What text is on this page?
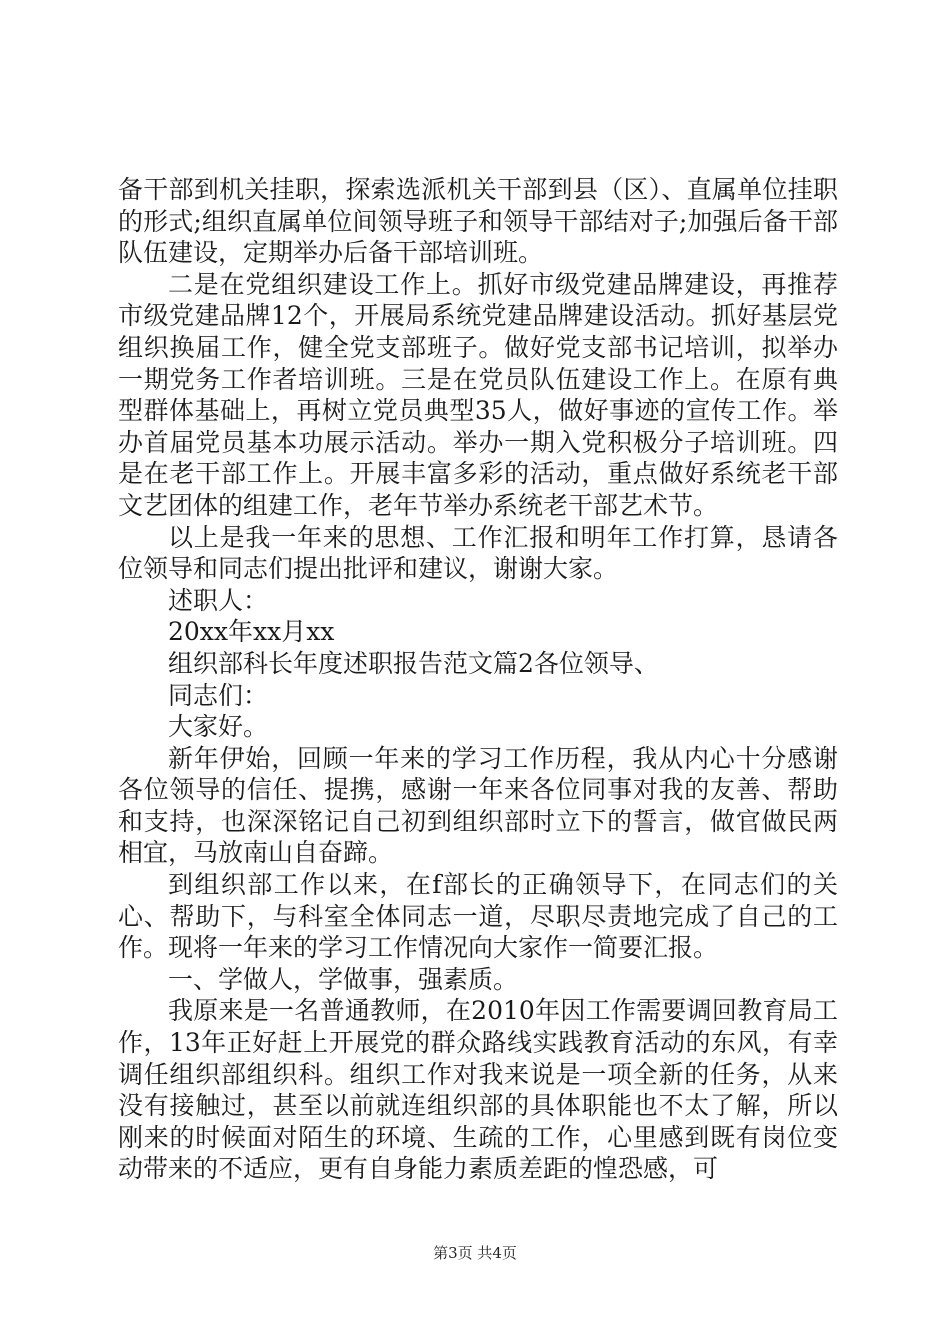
备干部到机关挂职，探索选派机关干部到县（区）、直属单位挂职的形式;组织直属单位间领导班子和领导干部结对子;加强后备干部队伍建设，定期举办后备干部培训班。

二是在党组织建设工作上。抓好市级党建品牌建设，再推荐市级党建品牌12个，开展局系统党建品牌建设活动。抓好基层党组织换届工作，健全党支部班子。做好党支部书记培训，拟举办一期党务工作者培训班。三是在党员队伍建设工作上。在原有典型群体基础上，再树立党员典型35人，做好事迹的宣传工作。举办首届党员基本功展示活动。举办一期入党积极分子培训班。四是在老干部工作上。开展丰富多彩的活动，重点做好系统老干部文艺团体的组建工作，老年节举办系统老干部艺术节。

以上是我一年来的思想、工作汇报和明年工作打算，恳请各位领导和同志们提出批评和建议，谢谢大家。

述职人：

20xx年xx月xx

组织部科长年度述职报告范文篇2各位领导、

同志们：

大家好。

新年伊始，回顾一年来的学习工作历程，我从内心十分感谢各位领导的信任、提携，感谢一年来各位同事对我的友善、帮助和支持，也深深铭记自己初到组织部时立下的誓言，做官做民两相宜，马放南山自奋蹄。

到组织部工作以来，在f部长的正确领导下，在同志们的关心、帮助下，与科室全体同志一道，尽职尽责地完成了自己的工作。现将一年来的学习工作情况向大家作一简要汇报。

一、学做人，学做事，强素质。

我原来是一名普通教师，在2010年因工作需要调回教育局工作，13年正好赶上开展党的群众路线实践教育活动的东风，有幸调任组织部组织科。组织工作对我来说是一项全新的任务，从来没有接触过，甚至以前就连组织部的具体职能也不太了解，所以刚来的时候面对陌生的环境、生疏的工作，心里感到既有岗位变动带来的不适应，更有自身能力素质差距的惶恐感，可

第3页 共4页
